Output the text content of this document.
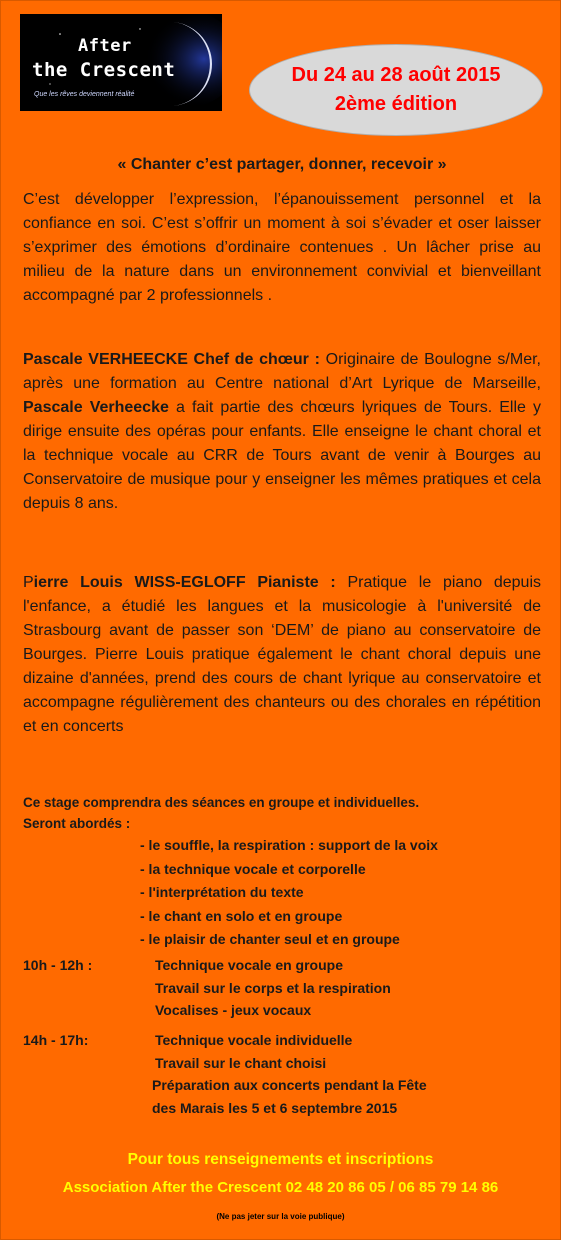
After
the Crescent
Que les rêves deviennent réalité
Du 24 au 28 août 2015
2ème édition
« Chanter c’est partager, donner, recevoir »
C’est développer l’expression, l’épanouissement personnel et la confiance en soi. C’est s’offrir un moment à soi s’évader et oser laisser s’exprimer des émotions d’ordinaire contenues . Un lâcher prise au milieu de la nature dans un environnement convivial et bienveillant accompagné par 2 professionnels .
Pascale VERHEECKE Chef de chœur : Originaire de Boulogne s/Mer, après une formation au Centre national d’Art Lyrique de Marseille, Pascale Verheecke a fait partie des chœurs lyriques de Tours. Elle y dirige ensuite des opéras pour enfants. Elle enseigne le chant choral et la technique vocale au CRR de Tours avant de venir à Bourges au Conservatoire de musique pour y enseigner les mêmes pratiques et cela depuis 8 ans.
Pierre Louis WISS-EGLOFF Pianiste : Pratique le piano depuis l'enfance, a étudié les langues et la musicologie à l'université de Strasbourg avant de passer son ‘DEM’ de piano au conservatoire de Bourges. Pierre Louis pratique également le chant choral depuis une dizaine d'années, prend des cours de chant lyrique au conservatoire et accompagne régulièrement des chanteurs ou des chorales en répétition et en concerts
Ce stage comprendra des séances en groupe et individuelles.
Seront abordés :
- le souffle, la respiration : support de la voix
- la technique vocale et corporelle
- l'interprétation du texte
- le chant en solo et en groupe
- le plaisir de chanter seul et en groupe
10h - 12h :	Technique vocale en groupe
Travail sur le corps et la respiration
Vocalises - jeux vocaux
14h - 17h:	Technique vocale individuelle
Travail sur le chant choisi
Préparation aux concerts pendant la Fête
des Marais les 5 et 6 septembre 2015
Pour tous renseignements et inscriptions
Association After the Crescent 02 48 20 86 05 / 06 85 79 14 86
(Ne pas jeter sur la voie publique)
